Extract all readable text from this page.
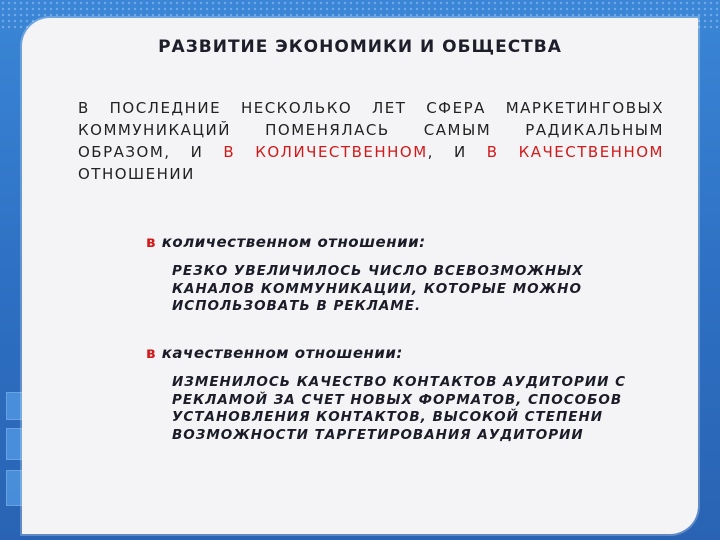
РАЗВИТИЕ ЭКОНОМИКИ И ОБЩЕСТВА
В ПОСЛЕДНИЕ НЕСКОЛЬКО ЛЕТ СФЕРА МАРКЕТИНГОВЫХ КОММУНИКАЦИЙ ПОМЕНЯЛАСЬ САМЫМ РАДИКАЛЬНЫМ ОБРАЗОМ, И В КОЛИЧЕСТВЕННОМ, И В КАЧЕСТВЕННОМ ОТНОШЕНИИ
в количественном отношении:
РЕЗКО УВЕЛИЧИЛОСЬ ЧИСЛО ВСЕВОЗМОЖНЫХ КАНАЛОВ КОММУНИКАЦИИ, КОТОРЫЕ МОЖНО ИСПОЛЬЗОВАТЬ В РЕКЛАМЕ.
в качественном отношении:
ИЗМЕНИЛОСЬ КАЧЕСТВО КОНТАКТОВ АУДИТОРИИ С РЕКЛАМОЙ ЗА СЧЕТ НОВЫХ ФОРМАТОВ, СПОСОБОВ УСТАНОВЛЕНИЯ КОНТАКТОВ, ВЫСОКОЙ СТЕПЕНИ ВОЗМОЖНОСТИ ТАРГЕТИРОВАНИЯ АУДИТОРИИ
